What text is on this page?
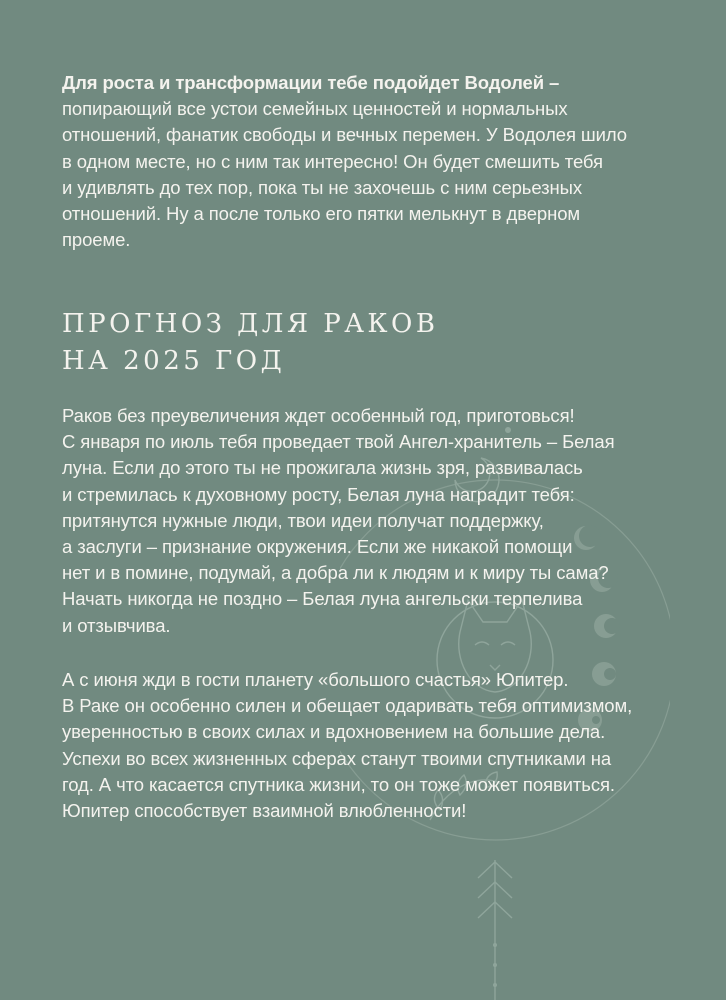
Для роста и трансформации тебе подойдет Водолей –
попирающий все устои семейных ценностей и нормальных
отношений, фанатик свободы и вечных перемен. У Водолея шило
в одном месте, но с ним так интересно! Он будет смешить тебя
и удивлять до тех пор, пока ты не захочешь с ним серьезных
отношений. Ну а после только его пятки мелькнут в дверном
проеме.
ПРОГНОЗ ДЛЯ РАКОВ
НА 2025 ГОД
Раков без преувеличения ждет особенный год, приготовься!
С января по июль тебя проведает твой Ангел-хранитель – Белая
луна. Если до этого ты не прожигала жизнь зря, развивалась
и стремилась к духовному росту, Белая луна наградит тебя:
притянутся нужные люди, твои идеи получат поддержку,
а заслуги – признание окружения. Если же никакой помощи
нет и в помине, подумай, а добра ли к людям и к миру ты сама?
Начать никогда не поздно – Белая луна ангельски терпелива
и отзывчива.
А с июня жди в гости планету «большого счастья» Юпитер.
В Раке он особенно силен и обещает одаривать тебя оптимизмом,
уверенностью в своих силах и вдохновением на большие дела.
Успехи во всех жизненных сферах станут твоими спутниками на
год. А что касается спутника жизни, то он тоже может появиться.
Юпитер способствует взаимной влюбленности!
